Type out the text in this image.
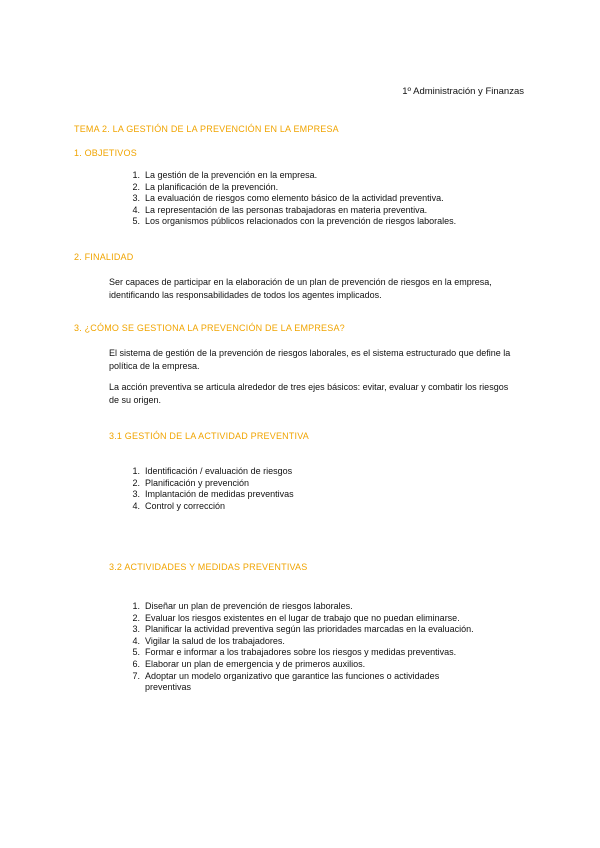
1º Administración y Finanzas
TEMA 2. LA GESTIÓN DE LA PREVENCIÓN EN LA EMPRESA
1. OBJETIVOS
1. La gestión de la prevención en la empresa.
2. La planificación de la prevención.
3. La evaluación de riesgos como elemento básico de la actividad preventiva.
4. La representación de las personas trabajadoras en materia preventiva.
5. Los organismos públicos relacionados con la prevención de riesgos laborales.
2. FINALIDAD
Ser capaces de participar en la elaboración de un plan de prevención de riesgos en la empresa, identificando las responsabilidades de todos los agentes implicados.
3. ¿CÓMO SE GESTIONA LA PREVENCIÓN DE LA EMPRESA?
El sistema de gestión de la prevención de riesgos laborales, es el sistema estructurado que define la política de la empresa.
La acción preventiva se articula alrededor de tres ejes básicos: evitar, evaluar y combatir los riesgos de su origen.
3.1 GESTIÓN DE LA ACTIVIDAD PREVENTIVA
1. Identificación / evaluación de riesgos
2. Planificación y prevención
3. Implantación de medidas preventivas
4. Control y corrección
3.2 ACTIVIDADES Y MEDIDAS PREVENTIVAS
1. Diseñar un plan de prevención de riesgos laborales.
2. Evaluar los riesgos existentes en el lugar de trabajo que no puedan eliminarse.
3. Planificar la actividad preventiva según las prioridades marcadas en la evaluación.
4. Vigilar la salud de los trabajadores.
5. Formar e informar a los trabajadores sobre los riesgos y medidas preventivas.
6. Elaborar un plan de emergencia y de primeros auxilios.
7. Adoptar un modelo organizativo que garantice las funciones o actividades preventivas
